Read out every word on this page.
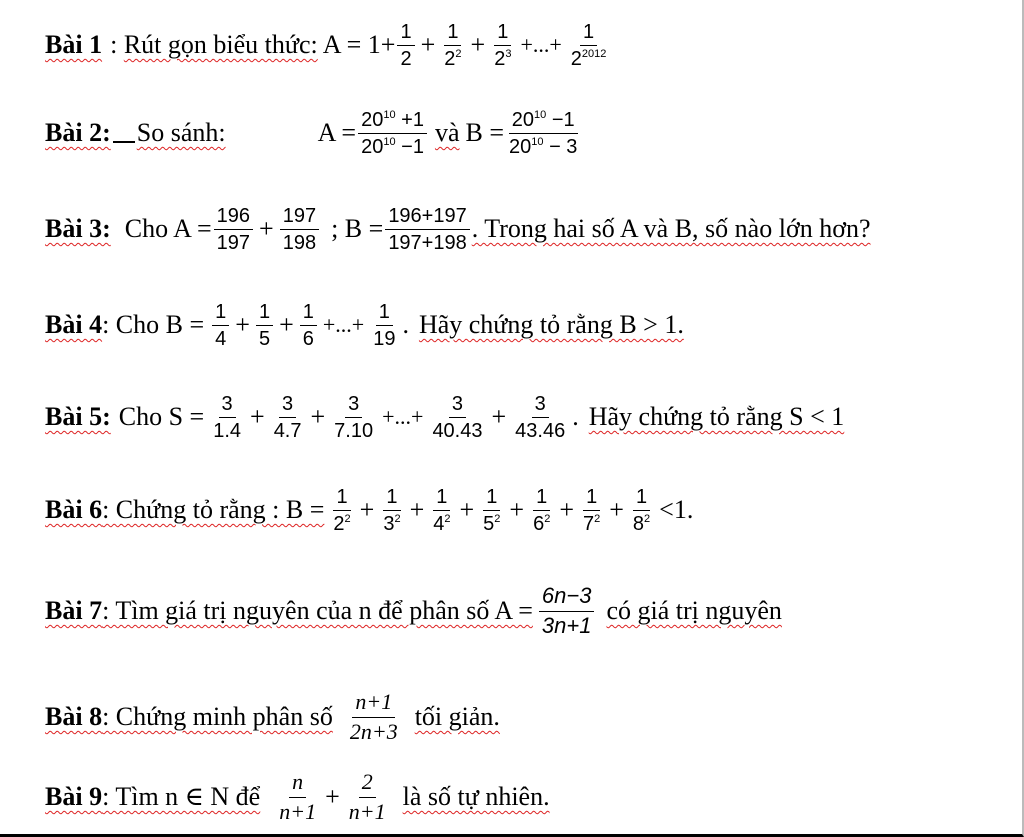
Bài 1 : Rút gọn biểu thức: $A = 1+ \frac{1}{2} + \frac{1}{2^2} + \frac{1}{2^3}$ +...+ $\frac{1}{2^{2012}}$
Bài 2: So sánh:	$A = \frac{20^{10} +1}{20^{10} -1}$ và $B = \frac{20^{10} -1}{20^{10} - 3}$
Bài 3: Cho $A = \frac{196}{197} + \frac{197}{198}$ ; $B = \frac{196+197}{197+198}$ . Trong hai số A và B, số nào lớn hơn?
Bài 4 : Cho $B = \frac{1}{4} + \frac{1}{5} + \frac{1}{6}$ +...+ $\frac{1}{19}$ . Hãy chứng tỏ rằng B > 1.
Bài 5: Cho $S = \frac{3}{1.4} + \frac{3}{4.7} + \frac{3}{7.10}$ +...+ $\frac{3}{40.43} + \frac{3}{43.46}$ . Hãy chứng tỏ rằng S < 1
Bài 6 : Chứng tỏ rằng : $B = \frac{1}{2^2} + \frac{1}{3^2} + \frac{1}{4^2} + \frac{1}{5^2} + \frac{1}{6^2} + \frac{1}{7^2} + \frac{1}{8^2} <1$.
Bài 7 : Tìm giá trị nguyên của n để phân số $A = \frac{6n-3}{3n+1}$ có giá trị nguyên
Bài 8 : Chứng minh phân số $\frac{n+1}{2n+3}$ tối giản.
Bài 9 : Tìm n ∈ N để $\frac{n}{n+1} + \frac{2}{n+1}$ là số tự nhiên.
